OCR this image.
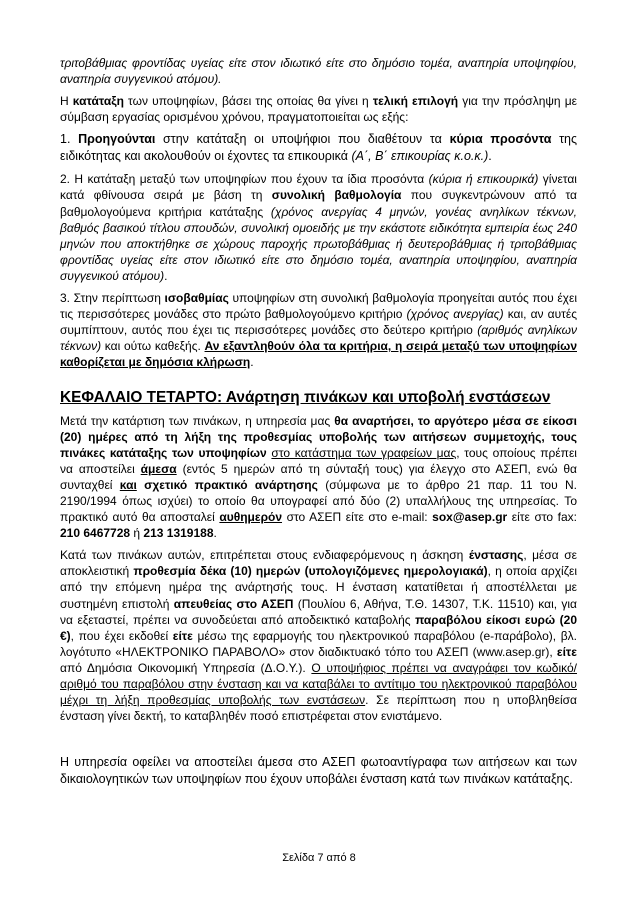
τριτοβάθμιας φροντίδας υγείας είτε στον ιδιωτικό είτε στο δημόσιο τομέα, αναπηρία υποψηφίου, αναπηρία συγγενικού ατόμου).

Η κατάταξη των υποψηφίων, βάσει της οποίας θα γίνει η τελική επιλογή για την πρόσληψη με σύμβαση εργασίας ορισμένου χρόνου, πραγματοποιείται ως εξής:

1. Προηγούνται στην κατάταξη οι υποψήφιοι που διαθέτουν τα κύρια προσόντα της ειδικότητας και ακολουθούν οι έχοντες τα επικουρικά (Α΄, Β΄ επικουρίας κ.ο.κ.).

2. Η κατάταξη μεταξύ των υποψηφίων που έχουν τα ίδια προσόντα (κύρια ή επικουρικά) γίνεται κατά φθίνουσα σειρά με βάση τη συνολική βαθμολογία που συγκεντρώνουν από τα βαθμολογούμενα κριτήρια κατάταξης (χρόνος ανεργίας 4 μηνών, γονέας ανηλίκων τέκνων, βαθμός βασικού τίτλου σπουδών, συνολική ομοειδής με την εκάστοτε ειδικότητα εμπειρία έως 240 μηνών που αποκτήθηκε σε χώρους παροχής πρωτοβάθμιας ή δευτεροβάθμιας ή τριτοβάθμιας φροντίδας υγείας είτε στον ιδιωτικό είτε στο δημόσιο τομέα, αναπηρία υποψηφίου, αναπηρία συγγενικού ατόμου).

3. Στην περίπτωση ισοβαθμίας υποψηφίων στη συνολική βαθμολογία προηγείται αυτός που έχει τις περισσότερες μονάδες στο πρώτο βαθμολογούμενο κριτήριο (χρόνος ανεργίας) και, αν αυτές συμπίπτουν, αυτός που έχει τις περισσότερες μονάδες στο δεύτερο κριτήριο (αριθμός ανηλίκων τέκνων) και ούτω καθεξής. Αν εξαντληθούν όλα τα κριτήρια, η σειρά μεταξύ των υποψηφίων καθορίζεται με δημόσια κλήρωση.

ΚΕΦΑΛΑΙΟ ΤΕΤΑΡΤΟ: Ανάρτηση πινάκων και υποβολή ενστάσεων

Μετά την κατάρτιση των πινάκων, η υπηρεσία μας θα αναρτήσει, το αργότερο μέσα σε είκοσι (20) ημέρες από τη λήξη της προθεσμίας υποβολής των αιτήσεων συμμετοχής, τους πινάκες κατάταξης των υποψηφίων στο κατάστημα των γραφείων μας, τους οποίους πρέπει να αποστείλει άμεσα (εντός 5 ημερών από τη σύνταξή τους) για έλεγχο στο ΑΣΕΠ, ενώ θα συνταχθεί και σχετικό πρακτικό ανάρτησης (σύμφωνα με το άρθρο 21 παρ. 11 του Ν. 2190/1994 όπως ισχύει) το οποίο θα υπογραφεί από δύο (2) υπαλλήλους της υπηρεσίας. Το πρακτικό αυτό θα αποσταλεί αυθημερόν στο ΑΣΕΠ είτε στο e-mail: sox@asep.gr είτε στο fax: 210 6467728 ή 213 1319188.

Κατά των πινάκων αυτών, επιτρέπεται στους ενδιαφερόμενους η άσκηση ένστασης, μέσα σε αποκλειστική προθεσμία δέκα (10) ημερών (υπολογιζόμενες ημερολογιακά), η οποία αρχίζει από την επόμενη ημέρα της ανάρτησής τους. Η ένσταση κατατίθεται ή αποστέλλεται με συστημένη επιστολή απευθείας στο ΑΣΕΠ (Πουλίου 6, Αθήνα, Τ.Θ. 14307, Τ.Κ. 11510) και, για να εξεταστεί, πρέπει να συνοδεύεται από αποδεικτικό καταβολής παραβόλου είκοσι ευρώ (20 €), που έχει εκδοθεί είτε μέσω της εφαρμογής του ηλεκτρονικού παραβόλου (e-παράβολο), βλ. λογότυπο «ΗΛΕΚΤΡΟΝΙΚΟ ΠΑΡΑΒΟΛΟ» στον διαδικτυακό τόπο του ΑΣΕΠ (www.asep.gr), είτε από Δημόσια Οικονομική Υπηρεσία (Δ.Ο.Υ.). Ο υποψήφιος πρέπει να αναγράφει τον κωδικό/αριθμό του παραβόλου στην ένσταση και να καταβάλει το αντίτιμο του ηλεκτρονικού παραβόλου μέχρι τη λήξη προθεσμίας υποβολής των ενστάσεων. Σε περίπτωση που η υποβληθείσα ένσταση γίνει δεκτή, το καταβληθέν ποσό επιστρέφεται στον ενιστάμενο.

Η υπηρεσία οφείλει να αποστείλει άμεσα στο ΑΣΕΠ φωτοαντίγραφα των αιτήσεων και των δικαιολογητικών των υποψηφίων που έχουν υποβάλει ένσταση κατά των πινάκων κατάταξης.

Σελίδα 7 από 8
